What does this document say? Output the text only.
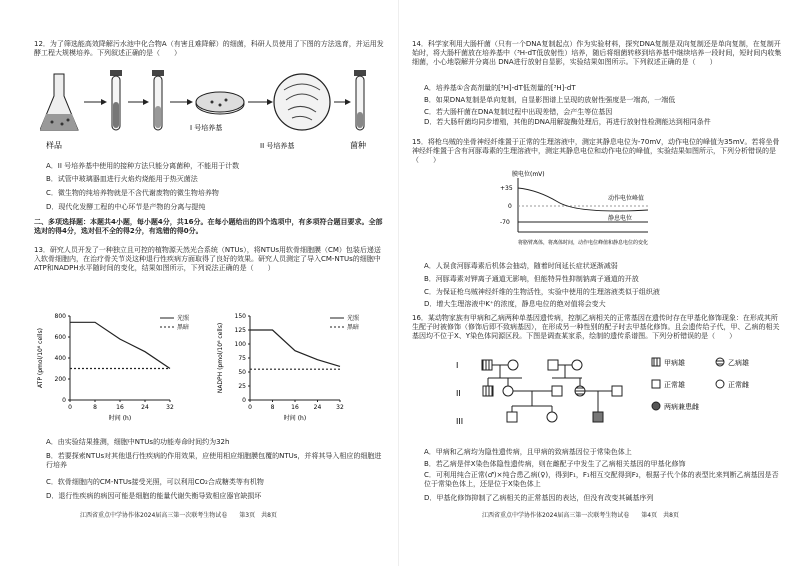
12．为了筛选能高效降解污水池中化合物A（有害且难降解）的细菌，科研人员使用了下图的方法选育，并运用发酵工程大规模培养。下列叙述正确的是（　　）
样品
I 号培养基
II 号培养基	菌种
A．II 号培养基中使用的接种方法只能分离菌种，不能用于计数
B．试管中玻璃器皿进行火焰灼烧能用于热灭菌法
C．微生物的纯培养物就是不含代谢废物的微生物培养物
D．现代化发酵工程的中心环节是产物的分离与提纯
二、多项选择题：本题共4小题，每小题4分，共16分。在每小题给出的四个选项中，有多项符合题目要求。全部选对的得4分，选对但不全的得2分，有选错的得0分。
13．研究人员开发了一种独立且可控的植物源天然光合系统（NTUs），将NTUs用软骨细胞膜（CM）包装后递送入软骨细胞内，在治疗骨关节炎这种退行性疾病方面取得了良好的效果。研究人员测定了导入CM-NTUs的细胞中ATP和NADPH水平随时间的变化，结果如图所示，下列说法正确的是（　　）
0
200
400
600
800
0	8	16	24	32
ATP (pmol/10⁶ cells)
时间 (h)
光照
黑暗
0
25
50
75
100
125
150
0	8	16 24 32
NADPH (pmol/10⁶ cells)
时间 (h)
光照
黑暗
A．由实验结果推测，细胞中NTUs的功能寿命时间约为32h
B．若要探索NTUs对其他退行性疾病的作用效果，应使用相应细胞膜包覆的NTUs，并将其导入相应的细胞进行培养
C．软骨细胞内的CM-NTUs接受光照，可以利用CO₂合成糖类等有机物
D．退行性疾病的病因可能是细胞的能量代谢失衡导致相应器官缺损坏
江西省重点中学协作体2024届高三第一次联考生物试卷　　第3页　共8页
14．科学家利用大肠杆菌（只有一个DNA复制起点）作为实验材料，探究DNA复制是双向复制还是单向复制，在复制开始时，将大肠杆菌放在培养基中（³H-dT低放射性）培养，随后将细菌转移到培养基中继续培养一段时间，短时间内收集细菌，小心地裂解并分离出 DNA进行放射自显影，实验结果如图所示。下列叙述正确的是（　　）
A．培养基①含高剂量的[³H]-dT低剂量的[³H]-dT
B．如果DNA复制是单向复制，自显影图谱上呈现的放射性强度是一端高，一端低
C．若大肠杆菌在DNA复制过程中出现差错，会产生等位基因
D．若大肠杆菌均同步增殖，其他的DNA用解旋酶处理后，再进行放射性检测能达到相同条件
15．将枪乌贼的坐骨神经纤维置于正常的生理溶液中，测定其静息电位为-70mV，动作电位的峰值为35mV。若将坐骨神经纤维置于含有河豚毒素的生理溶液中，测定其静息电位和动作电位的峰值，实验结果如图所示，下列分析错误的是（　　）
膜电位(mV)
+35
0
-70
动作电位峰值
静息电位
将胳臂离体，将离体时间，动作电位峰值和静息电位的变化
A．人误食河豚毒素后机体会抽动，随着时间延长症状逐渐减弱
B．河豚毒素对钾离子通道无影响，但能特异性抑制钠离子通道的开放
C．为保证枪乌贼神经纤维的生物活性，实验中使用的生理溶液类似于组织液
D．增大生理溶液中K⁺的浓度，静息电位的绝对值将会变大
16．某动物家族有甲病和乙病两种单基因遗传病，控制乙病相关的正常基因在遗传时存在甲基化修饰现象：在形成其所生配子时被修饰（修饰后即不致病基因），在形成另一种性别的配子时去甲基化修饰。且会遗传给子代，甲、乙病的相关基因均不位于X、Y染色体同源区段。下图是调查某家系，绘制的遗传系谱图。下列分析错误的是（　　）
I
II
III
甲病雄	乙病雄
正常雄	正常雌
两病兼患雌
A．甲病和乙病均为隐性遗传病，且甲病的致病基因位于常染色体上
B．若乙病是伴X染色体隐性遗传病，则在雌配子中发生了乙病相关基因的甲基化修饰
C．可利用纯合正常(♂)×纯合患乙病(♀)，得到F₁，F₁相互交配得到F₂，根据子代个体的表型比来判断乙病基因是否位于常染色体上，还是位于X染色体上
D．甲基化修饰抑制了乙病相关的正常基因的表达，但没有改变其碱基序列
江西省重点中学协作体2024届高三第一次联考生物试卷　　第4页　共8页
